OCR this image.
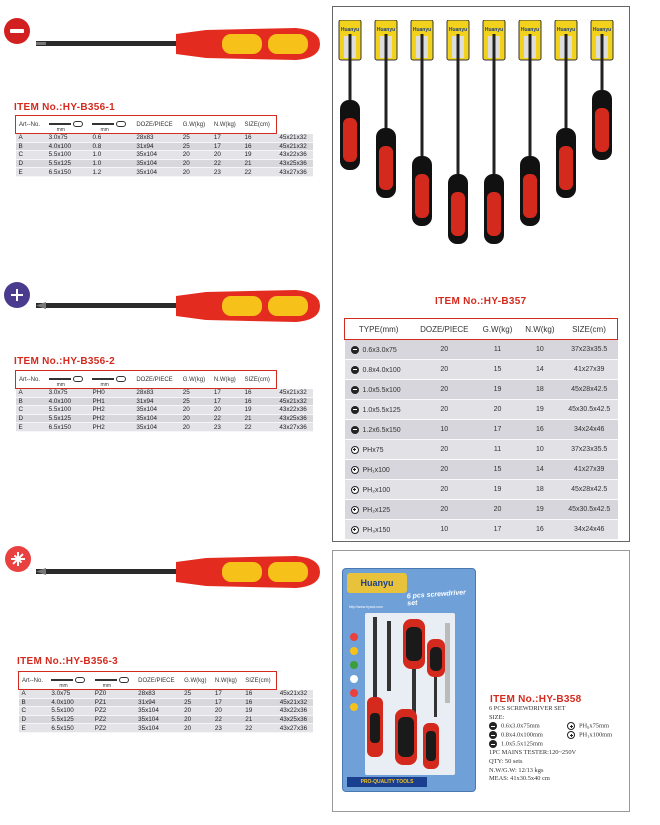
ITEM No.:HY-B356-1
Art--No.	mm	mm	DOZE/PIECE	G.W(kg)	N.W(kg)	SIZE(cm)	
A	3.0x75	0.6	28x83	25	17	16	45x21x32
B	4.0x100	0.8	31x94	25	17	16	45x21x32
C	5.5x100	1.0	35x104	20	20	19	43x22x36
D	5.5x125	1.0	35x104	20	22	21	43x25x36
E	6.5x150	1.2	35x104	20	23	22	43x27x36
ITEM No.:HY-B356-2
Art--No.	mm	mm	DOZE/PIECE	G.W(kg)	N.W(kg)	SIZE(cm)	
A	3.0x75	PH0	28x83	25	17	16	45x21x32
B	4.0x100	PH1	31x94	25	17	16	45x21x32
C	5.5x100	PH2	35x104	20	20	19	43x22x36
D	5.5x125	PH2	35x104	20	22	21	43x25x36
E	6.5x150	PH2	35x104	20	23	22	43x27x36
ITEM No.:HY-B356-3
Art--No.	mm	mm	DOZE/PIECE	G.W(kg)	N.W(kg)	SIZE(cm)	
A	3.0x75	PZ0	28x83	25	17	16	45x21x32
B	4.0x100	PZ1	31x94	25	17	16	45x21x32
C	5.5x100	PZ2	35x104	20	20	19	43x22x36
D	5.5x125	PZ2	35x104	20	22	21	43x25x36
E	6.5x150	PZ2	35x104	20	23	22	43x27x36
Huanyu	Huanyu	Huanyu	Huanyu	Huanyu	Huanyu	Huanyu	Huanyu
ITEM No.:HY-B357
TYPE(mm)	DOZE/PIECE	G.W(kg)	N.W(kg)	SIZE(cm)
0.6x3.0x75	20	11	10	37x23x35.5
0.8x4.0x100	20	15	14	41x27x39
1.0x5.5x100	20	19	18	45x28x42.5
1.0x5.5x125	20	20	19	45x30.5x42.5
1.2x6.5x150	10	17	16	34x24x46
PHx75	20	11	10	37x23x35.5
PH₁x100	20	15	14	41x27x39
PH₂x100	20	19	18	45x28x42.5
PH₂x125	20	20	19	45x30.5x42.5
PH₃x150	10	17	16	34x24x46
Huanyu
6 pcs screwdriver set
http://www.hyscd.com
PRO-QUALITY TOOLS
ITEM No.:HY-B358
6 PCS SCREWDRIVER SET
SIZE:
0.6x3.0x75mm	PH₀x75mm
0.8x4.0x100mm	PH₁x100mm
1.0x5.5x125mm
1PC MAINS TESTER:120~250V
QTY: 50 sets
N.W/G.W: 12/13 kgs
MEAS: 41x30.5x40 cm
